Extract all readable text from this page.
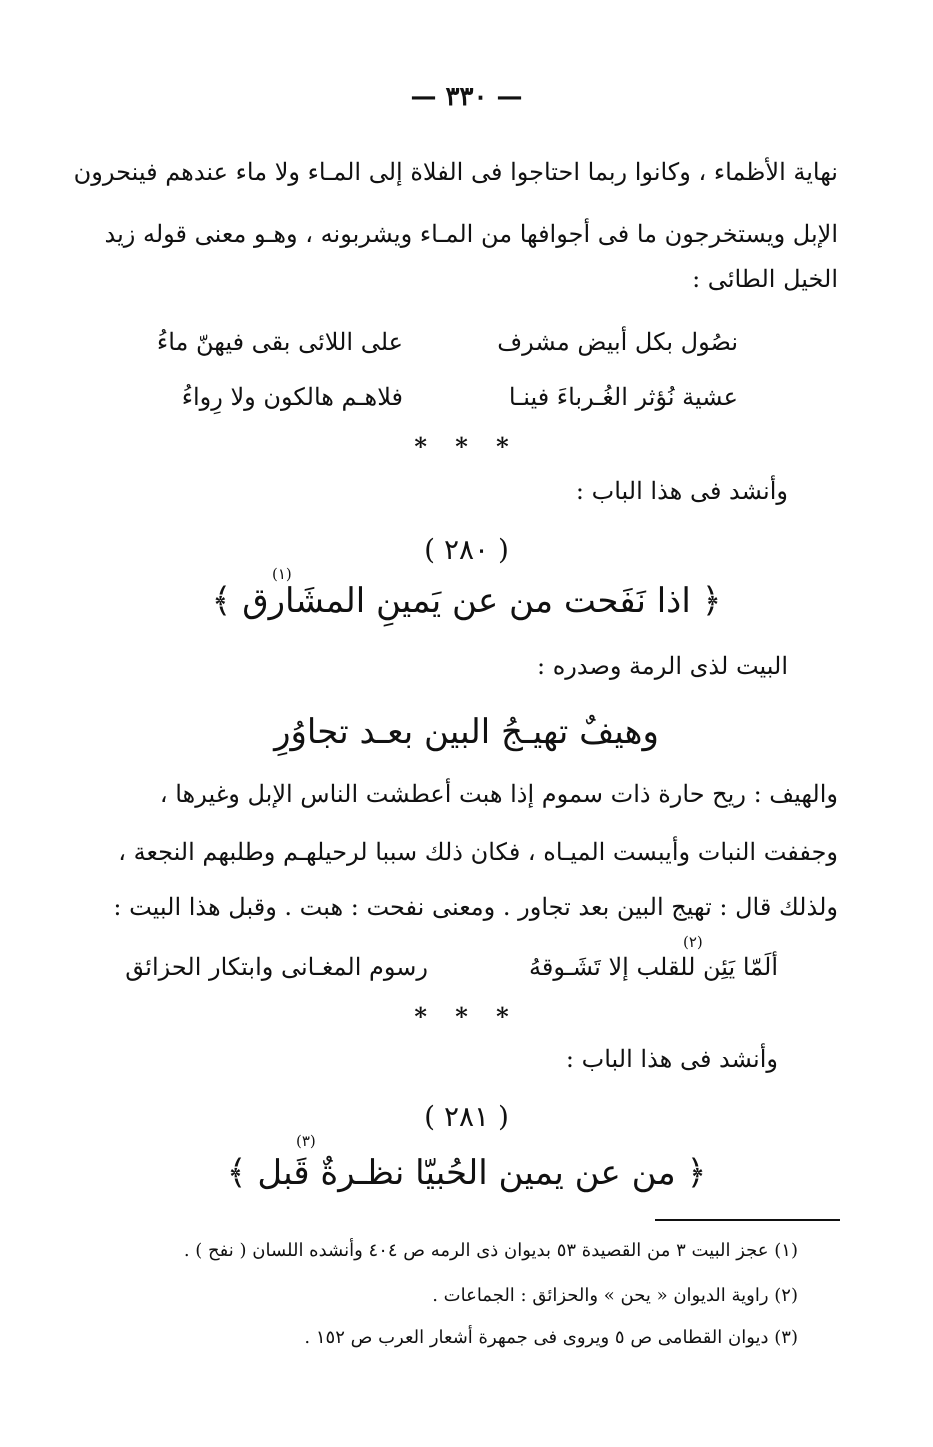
— ٣٣٠ —
نهاية الأظماء ، وكانوا ربما احتاجوا فى الفلاة إلى المـاء ولا ماء عندهم فينحرون
الإبل ويستخرجون ما فى أجوافها من المـاء ويشربونه ، وهـو معنى قوله زيد
الخيل الطائى :
نصُول بكل أبيض مشرف
على اللائى بقى فيهنّ ماءُ
عشية نُؤثر الغُـرباءَ فينـا
فلاهـم هالكون ولا رِواءُ
* * *
وأنشد فى هذا الباب :
( ٢٨٠ )
(١)
﴿ اذا نَفَحت من عن يَمينِ المشَارق ﴾
البيت لذى الرمة وصدره :
وهيفٌ تهيـجُ البين بعـد تجاوُرِ
والهيف : ريح حارة ذات سموم إذا هبت أعطشت الناس الإبل وغيرها ،
وجففت النبات وأيبست الميـاه ، فكان ذلك سببا لرحيلهـم وطلبهم النجعة ،
ولذلك قال : تهيج البين بعد تجاور . ومعنى نفحت : هبت . وقبل هذا البيت :
(٢)
ألَمّا يَئِن للقلب إلا تَشَـوقهُ
رسوم المغـانى وابتكار الحزائق
* * *
وأنشد فى هذا الباب :
( ٢٨١ )
(٣)
﴿ من عن يمين الحُبيّا نظـرةٌ قَبل ﴾
(١) عجز البيت ٣ من القصيدة ٥٣ بديوان ذى الرمه ص ٤٠٤ وأنشده اللسان ( نفح ) .
(٢) راوية الديوان « يحن » والحزائق : الجماعات .
(٣) ديوان القطامى ص ٥ ويروى فى جمهرة أشعار العرب ص ١٥٢ .
